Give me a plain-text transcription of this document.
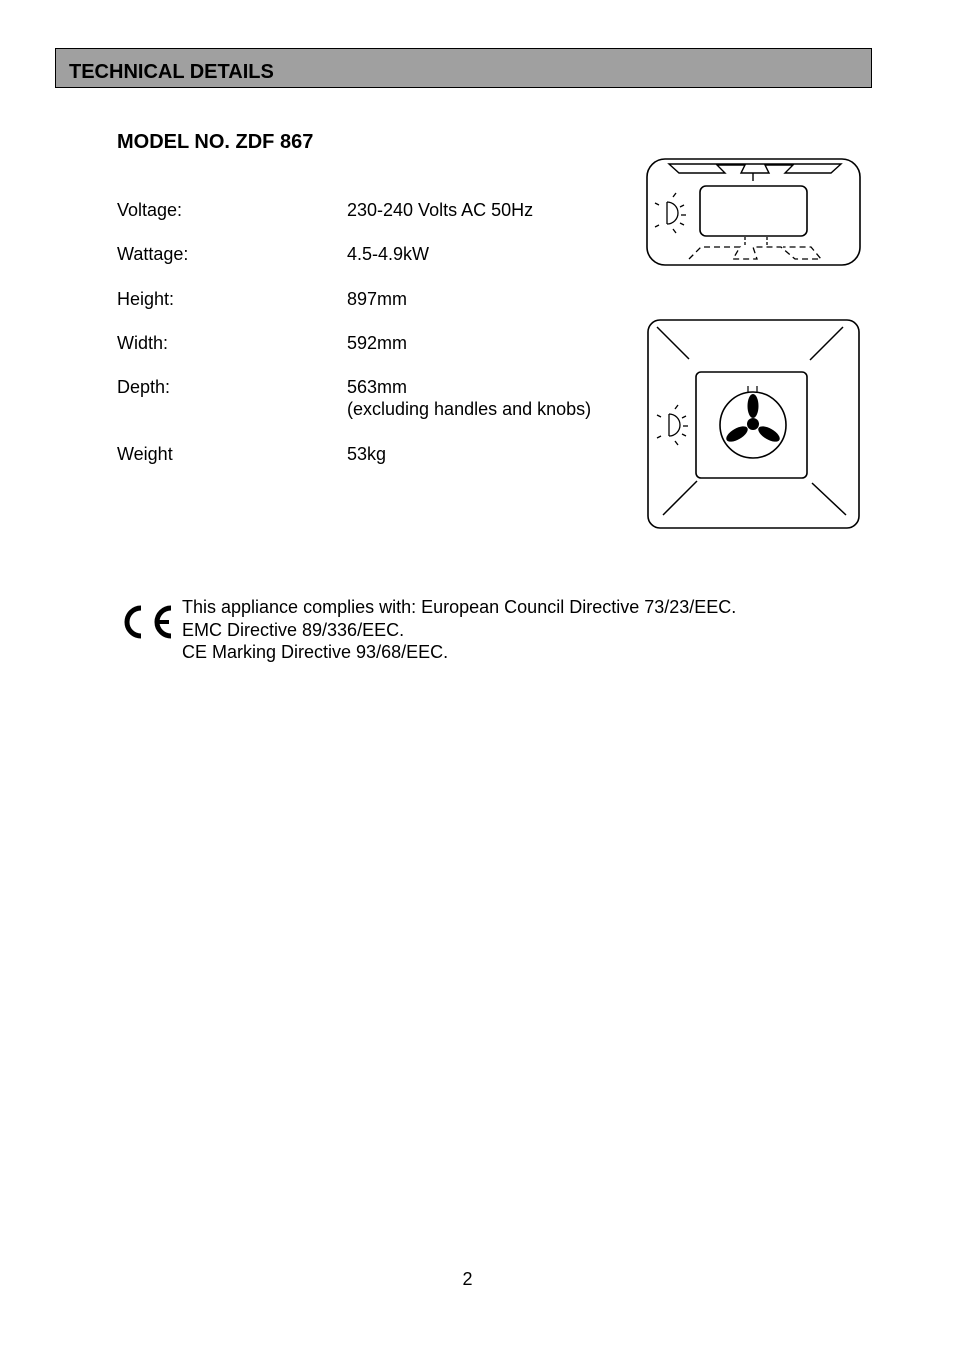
TECHNICAL DETAILS
MODEL NO. ZDF 867
Voltage:	230-240 Volts AC 50Hz
Wattage:	4.5-4.9kW
Height:	897mm
Width:	592mm
Depth:	563mm
(excluding handles and knobs)
Weight	53kg
This appliance complies with: European Council Directive 73/23/EEC.
EMC Directive 89/336/EEC.
CE Marking Directive 93/68/EEC.
2
